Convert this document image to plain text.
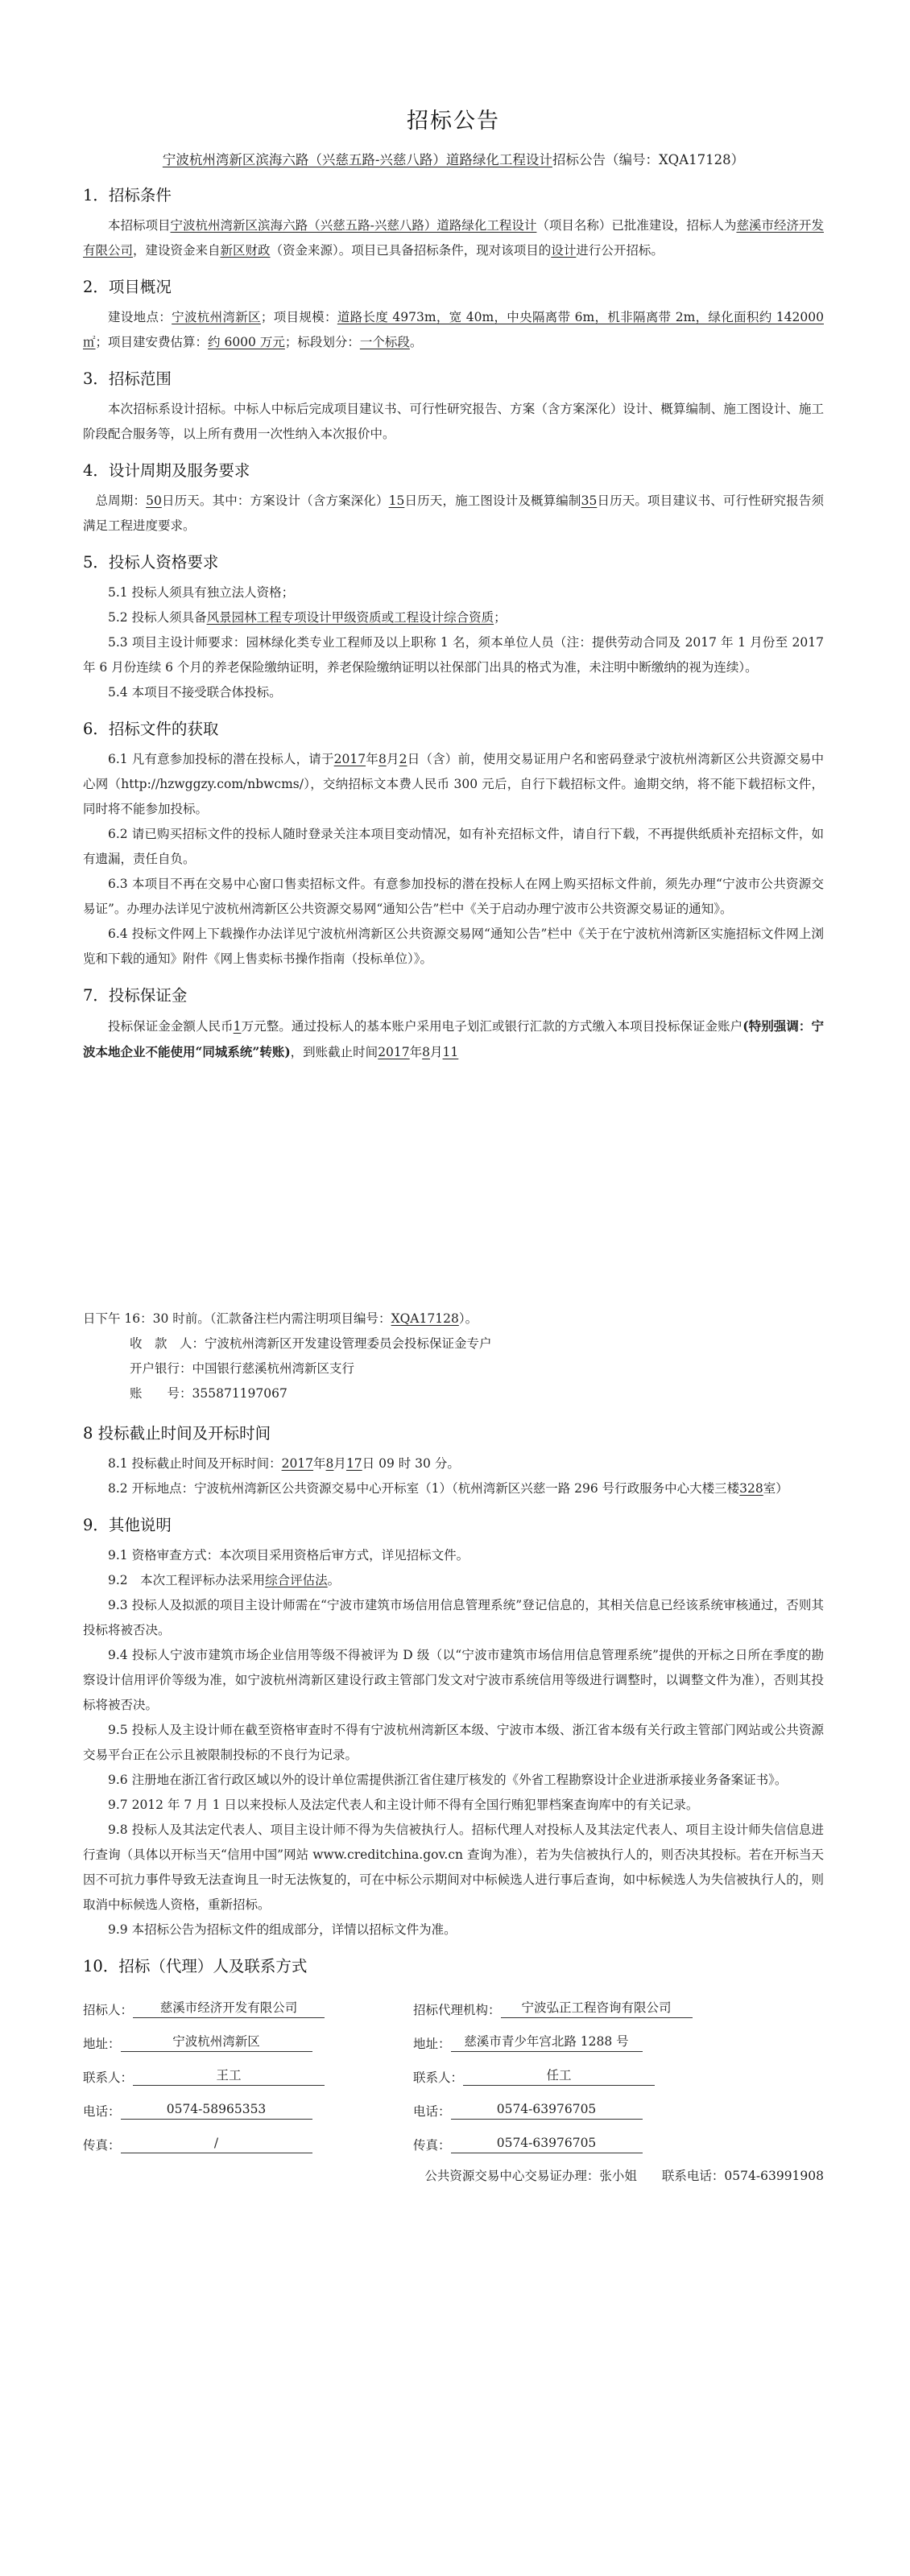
招标公告
宁波杭州湾新区滨海六路（兴慈五路-兴慈八路）道路绿化工程设计招标公告（编号：XQA17128）
1．招标条件

本招标项目宁波杭州湾新区滨海六路（兴慈五路-兴慈八路）道路绿化工程设计（项目名称）已批准建设，招标人为慈溪市经济开发有限公司，建设资金来自新区财政（资金来源）。项目已具备招标条件，现对该项目的设计进行公开招标。

2．项目概况

建设地点：宁波杭州湾新区；项目规模：道路长度 4973m，宽 40m，中央隔离带 6m，机非隔离带 2m，绿化面积约 142000 ㎡；项目建安费估算：约 6000 万元；标段划分：一个标段。

3．招标范围

本次招标系设计招标。中标人中标后完成项目建议书、可行性研究报告、方案（含方案深化）设计、概算编制、施工图设计、施工阶段配合服务等，以上所有费用一次性纳入本次报价中。

4．设计周期及服务要求

总周期：50日历天。其中：方案设计（含方案深化）15日历天，施工图设计及概算编制35日历天。项目建议书、可行性研究报告须满足工程进度要求。

5．投标人资格要求

5.1 投标人须具有独立法人资格；

5.2 投标人须具备风景园林工程专项设计甲级资质或工程设计综合资质；

5.3 项目主设计师要求：园林绿化类专业工程师及以上职称 1 名，须本单位人员（注：提供劳动合同及 2017 年 1 月份至 2017 年 6 月份连续 6 个月的养老保险缴纳证明，养老保险缴纳证明以社保部门出具的格式为准，未注明中断缴纳的视为连续）。

5.4 本项目不接受联合体投标。

6．招标文件的获取

6.1 凡有意参加投标的潜在投标人，请于2017年8月2日（含）前，使用交易证用户名和密码登录宁波杭州湾新区公共资源交易中心网（http://hzwggzy.com/nbwcms/），交纳招标文本费人民币 300 元后，自行下载招标文件。逾期交纳，将不能下载招标文件，同时将不能参加投标。

6.2 请已购买招标文件的投标人随时登录关注本项目变动情况，如有补充招标文件，请自行下载，不再提供纸质补充招标文件，如有遗漏，责任自负。

6.3 本项目不再在交易中心窗口售卖招标文件。有意参加投标的潜在投标人在网上购买招标文件前，须先办理“宁波市公共资源交易证”。办理办法详见宁波杭州湾新区公共资源交易网“通知公告”栏中《关于启动办理宁波市公共资源交易证的通知》。

6.4 投标文件网上下载操作办法详见宁波杭州湾新区公共资源交易网“通知公告”栏中《关于在宁波杭州湾新区实施招标文件网上浏览和下载的通知》附件《网上售卖标书操作指南（投标单位）》。

7．投标保证金

投标保证金金额人民币1万元整。通过投标人的基本账户采用电子划汇或银行汇款的方式缴入本项目投标保证金账户(特别强调：宁波本地企业不能使用“同城系统”转账)，到账截止时间2017年8月11

日下午 16：30 时前。（汇款备注栏内需注明项目编号：XQA17128）。

收　款　人：宁波杭州湾新区开发建设管理委员会投标保证金专户
开户银行：中国银行慈溪杭州湾新区支行
账　　号：355871197067
8 投标截止时间及开标时间

8.1 投标截止时间及开标时间：2017年8月17日 09 时 30 分。

8.2 开标地点：宁波杭州湾新区公共资源交易中心开标室（1）（杭州湾新区兴慈一路 296 号行政服务中心大楼三楼328室）

9．其他说明

9.1 资格审查方式：本次项目采用资格后审方式，详见招标文件。

9.2　本次工程评标办法采用综合评估法。

9.3 投标人及拟派的项目主设计师需在“宁波市建筑市场信用信息管理系统”登记信息的，其相关信息已经该系统审核通过，否则其投标将被否决。

9.4 投标人宁波市建筑市场企业信用等级不得被评为 D 级（以“宁波市建筑市场信用信息管理系统”提供的开标之日所在季度的勘察设计信用评价等级为准，如宁波杭州湾新区建设行政主管部门发文对宁波市系统信用等级进行调整时，以调整文件为准），否则其投标将被否决。

9.5 投标人及主设计师在截至资格审查时不得有宁波杭州湾新区本级、宁波市本级、浙江省本级有关行政主管部门网站或公共资源交易平台正在公示且被限制投标的不良行为记录。

9.6 注册地在浙江省行政区域以外的设计单位需提供浙江省住建厅核发的《外省工程勘察设计企业进浙承接业务备案证书》。

9.7 2012 年 7 月 1 日以来投标人及法定代表人和主设计师不得有全国行贿犯罪档案查询库中的有关记录。

9.8 投标人及其法定代表人、项目主设计师不得为失信被执行人。招标代理人对投标人及其法定代表人、项目主设计师失信信息进行查询（具体以开标当天“信用中国”网站 www.creditchina.gov.cn 查询为准），若为失信被执行人的，则否决其投标。若在开标当天因不可抗力事件导致无法查询且一时无法恢复的，可在中标公示期间对中标候选人进行事后查询，如中标候选人为失信被执行人的，则取消中标候选人资格，重新招标。

9.9 本招标公告为招标文件的组成部分，详情以招标文件为准。

10．招标（代理）人及联系方式
招标人：	慈溪市经济开发有限公司	招标代理机构：	宁波弘正工程咨询有限公司
地址：	宁波杭州湾新区	地址：	慈溪市青少年宫北路 1288 号
联系人：	王工	联系人：	任工
电话：	0574-58965353	电话：	0574-63976705
传真：	/	传真：	0574-63976705
公共资源交易中心交易证办理：张小姐　　联系电话：0574-63991908
